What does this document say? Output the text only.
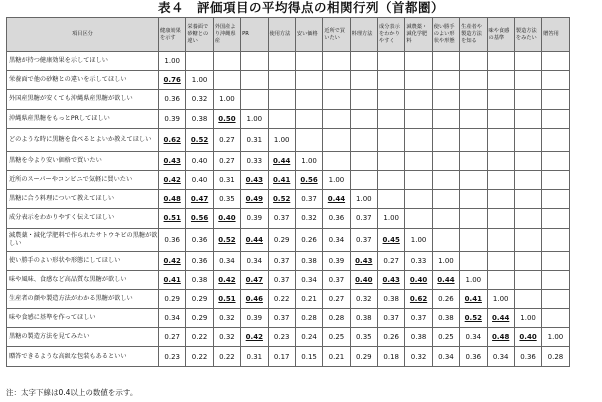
表４　評価項目の平均得点の相関行列（首都圏）
項目区分	健康効果を示す	栄養面で砂糖との違い	外国産より沖縄県産	PR	使用方法	安い価格	近所で買いたい	料理方法	成分表示をわかりやすく	減農薬・減化学肥料	使い勝手のよい形状や形態	生産者や製造方法を知る	味や食感の基準	製造方法をみたい	贈答用
黒糖が持つ健康効果を示してほしい	1.00														
栄養面で他の砂糖との違いを示してほしい	0.76	1.00													
外国産黒糖が安くても沖縄県産黒糖が欲しい	0.36	0.32	1.00												
沖縄県産黒糖をもっとPRしてほしい	0.39	0.38	0.50	1.00											
どのような時に黒糖を食べるとよいか教えてほしい	0.62	0.52	0.27	0.31	1.00										
黒糖を今より安い価格で買いたい	0.43	0.40	0.27	0.33	0.44	1.00									
近所のスーパーやコンビニで気軽に買いたい	0.42	0.40	0.31	0.43	0.41	0.56	1.00								
黒糖に合う料理について教えてほしい	0.48	0.47	0.35	0.49	0.52	0.37	0.44	1.00							
成分表示をわかりやすく伝えてほしい	0.51	0.56	0.40	0.39	0.37	0.32	0.36	0.37	1.00						
減農薬・減化学肥料で作られたサトウキビの黒糖が欲しい	0.36	0.36	0.52	0.44	0.29	0.26	0.34	0.37	0.45	1.00					
使い勝手のよい形状や形態にしてほしい	0.42	0.36	0.34	0.34	0.37	0.38	0.39	0.43	0.27	0.33	1.00				
味や風味、食感など高品質な黒糖が欲しい	0.41	0.38	0.42	0.47	0.37	0.34	0.37	0.40	0.43	0.40	0.44	1.00			
生産者の顔や製造方法がわかる黒糖が欲しい	0.29	0.29	0.51	0.46	0.22	0.21	0.27	0.32	0.38	0.62	0.26	0.41	1.00		
味や食感に基準を作ってほしい	0.34	0.29	0.32	0.39	0.37	0.28	0.28	0.38	0.37	0.37	0.38	0.52	0.44	1.00	
黒糖の製造方法を見てみたい	0.27	0.22	0.32	0.42	0.23	0.24	0.25	0.35	0.26	0.38	0.25	0.34	0.48	0.40	1.00
贈答できるような高級な包装もあるといい	0.23	0.22	0.22	0.31	0.17	0.15	0.21	0.29	0.18	0.32	0.34	0.36	0.34	0.36	0.28
注：太字下線は0.4以上の数値を示す。
